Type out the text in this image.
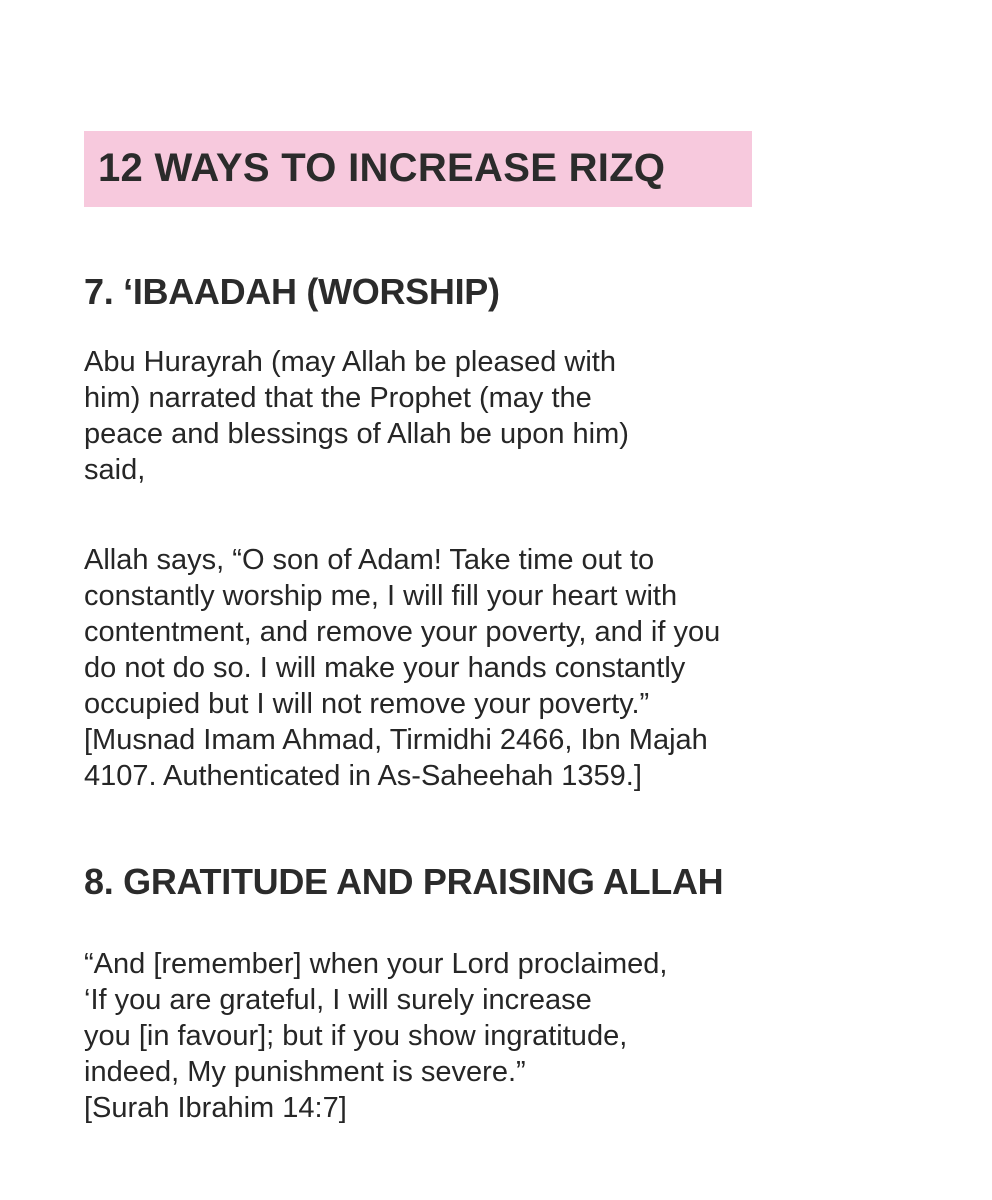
12 WAYS TO INCREASE RIZQ
7. ‘IBAADAH (WORSHIP)

Abu Hurayrah (may Allah be pleased with
him) narrated that the Prophet (may the
peace and blessings of Allah be upon him)
said,

Allah says, “O son of Adam! Take time out to
constantly worship me, I will fill your heart with
contentment, and remove your poverty, and if you
do not do so. I will make your hands constantly
occupied but I will not remove your poverty.”
[Musnad Imam Ahmad, Tirmidhi 2466, Ibn Majah
4107. Authenticated in As-Saheehah 1359.]

8. GRATITUDE AND PRAISING ALLAH

“And [remember] when your Lord proclaimed,
‘If you are grateful, I will surely increase
you [in favour]; but if you show ingratitude,
indeed, My punishment is severe.”
[Surah Ibrahim 14:7]
